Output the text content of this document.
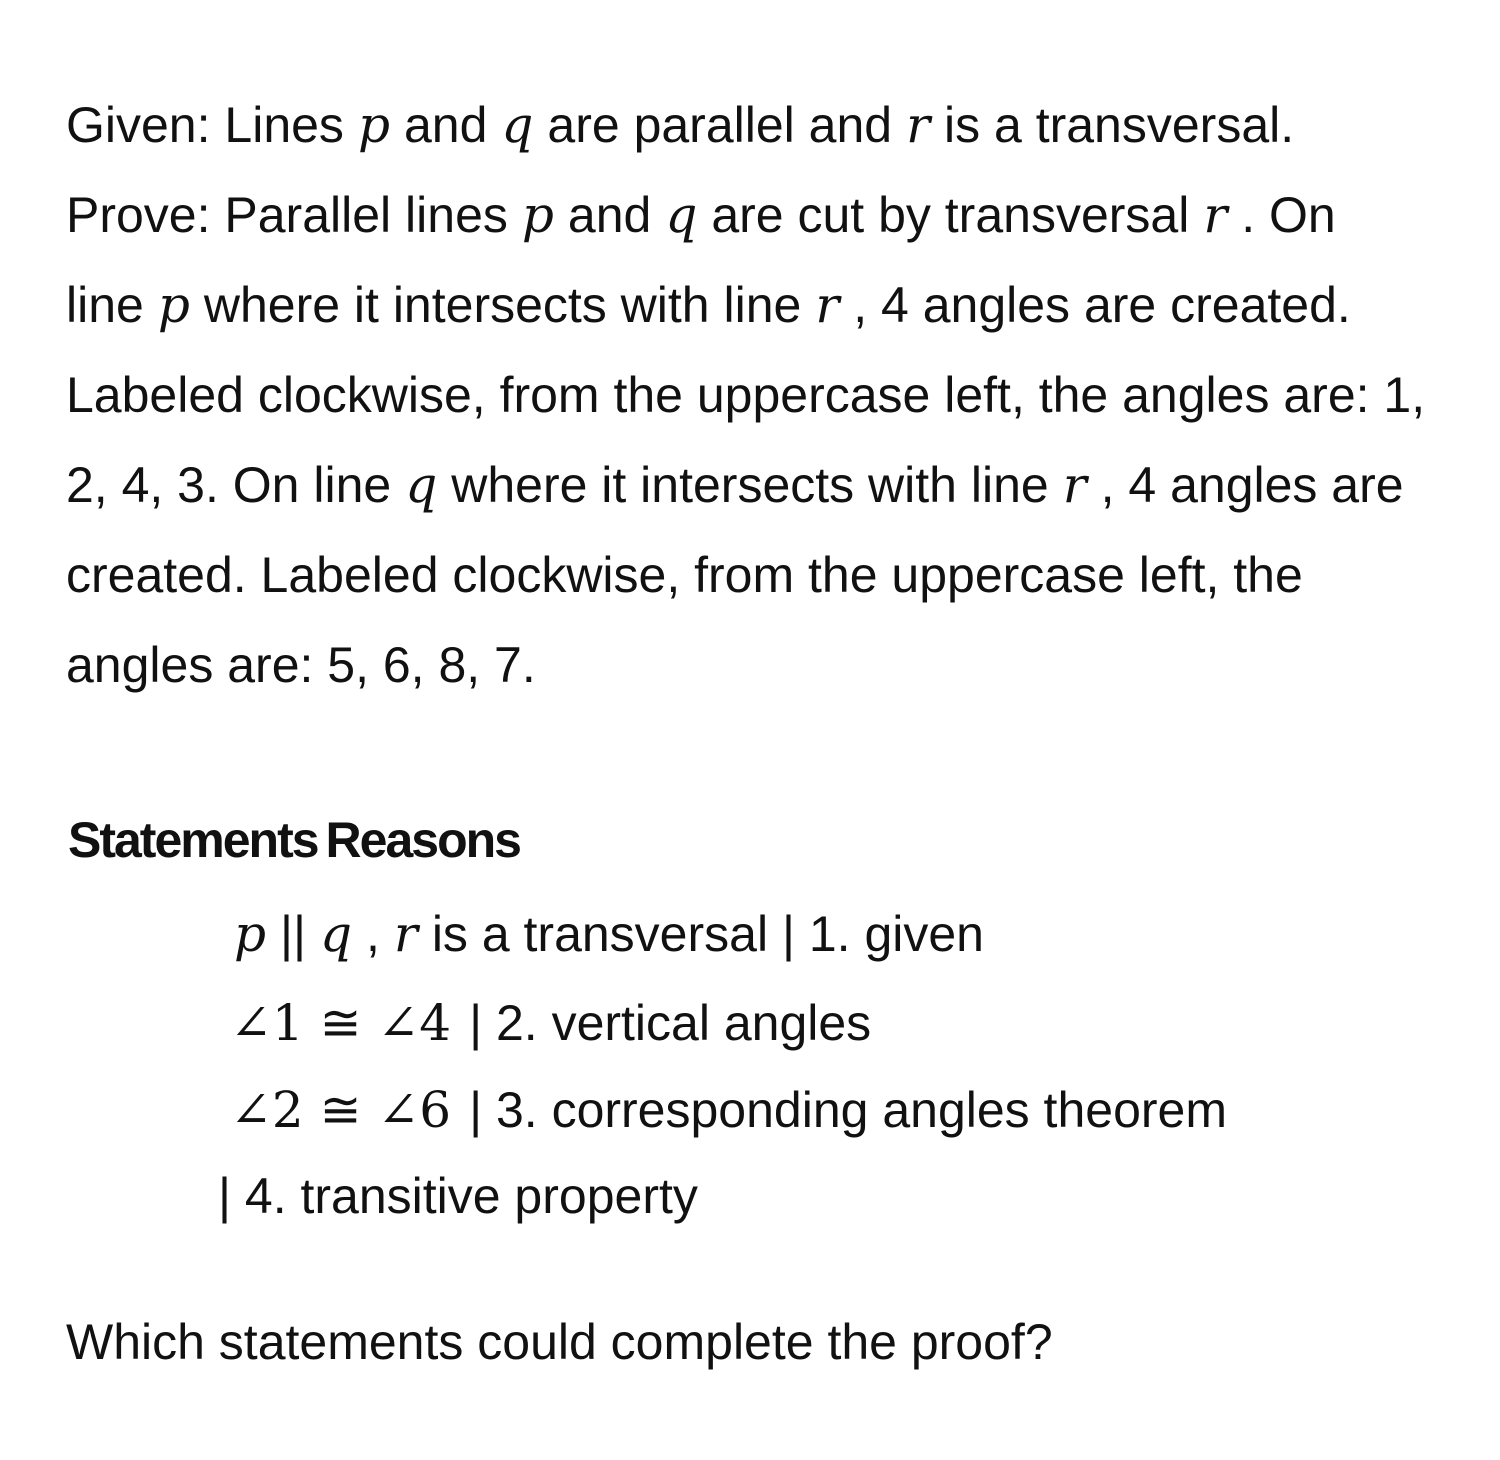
Given: Lines p and q are parallel and r is a transversal. Prove: Parallel lines p and q are cut by transversal r . On line p where it intersects with line r , 4 angles are created. Labeled clockwise, from the uppercase left, the angles are: 1, 2, 4, 3. On line q where it intersects with line r , 4 angles are created. Labeled clockwise, from the uppercase left, the angles are: 5, 6, 8, 7.

Statements Reasons
p || q , r is a transversal | 1. given
∠1 ≅ ∠4 | 2. vertical angles
∠2 ≅ ∠6 | 3. corresponding angles theorem
| 4. transitive property
Which statements could complete the proof?
